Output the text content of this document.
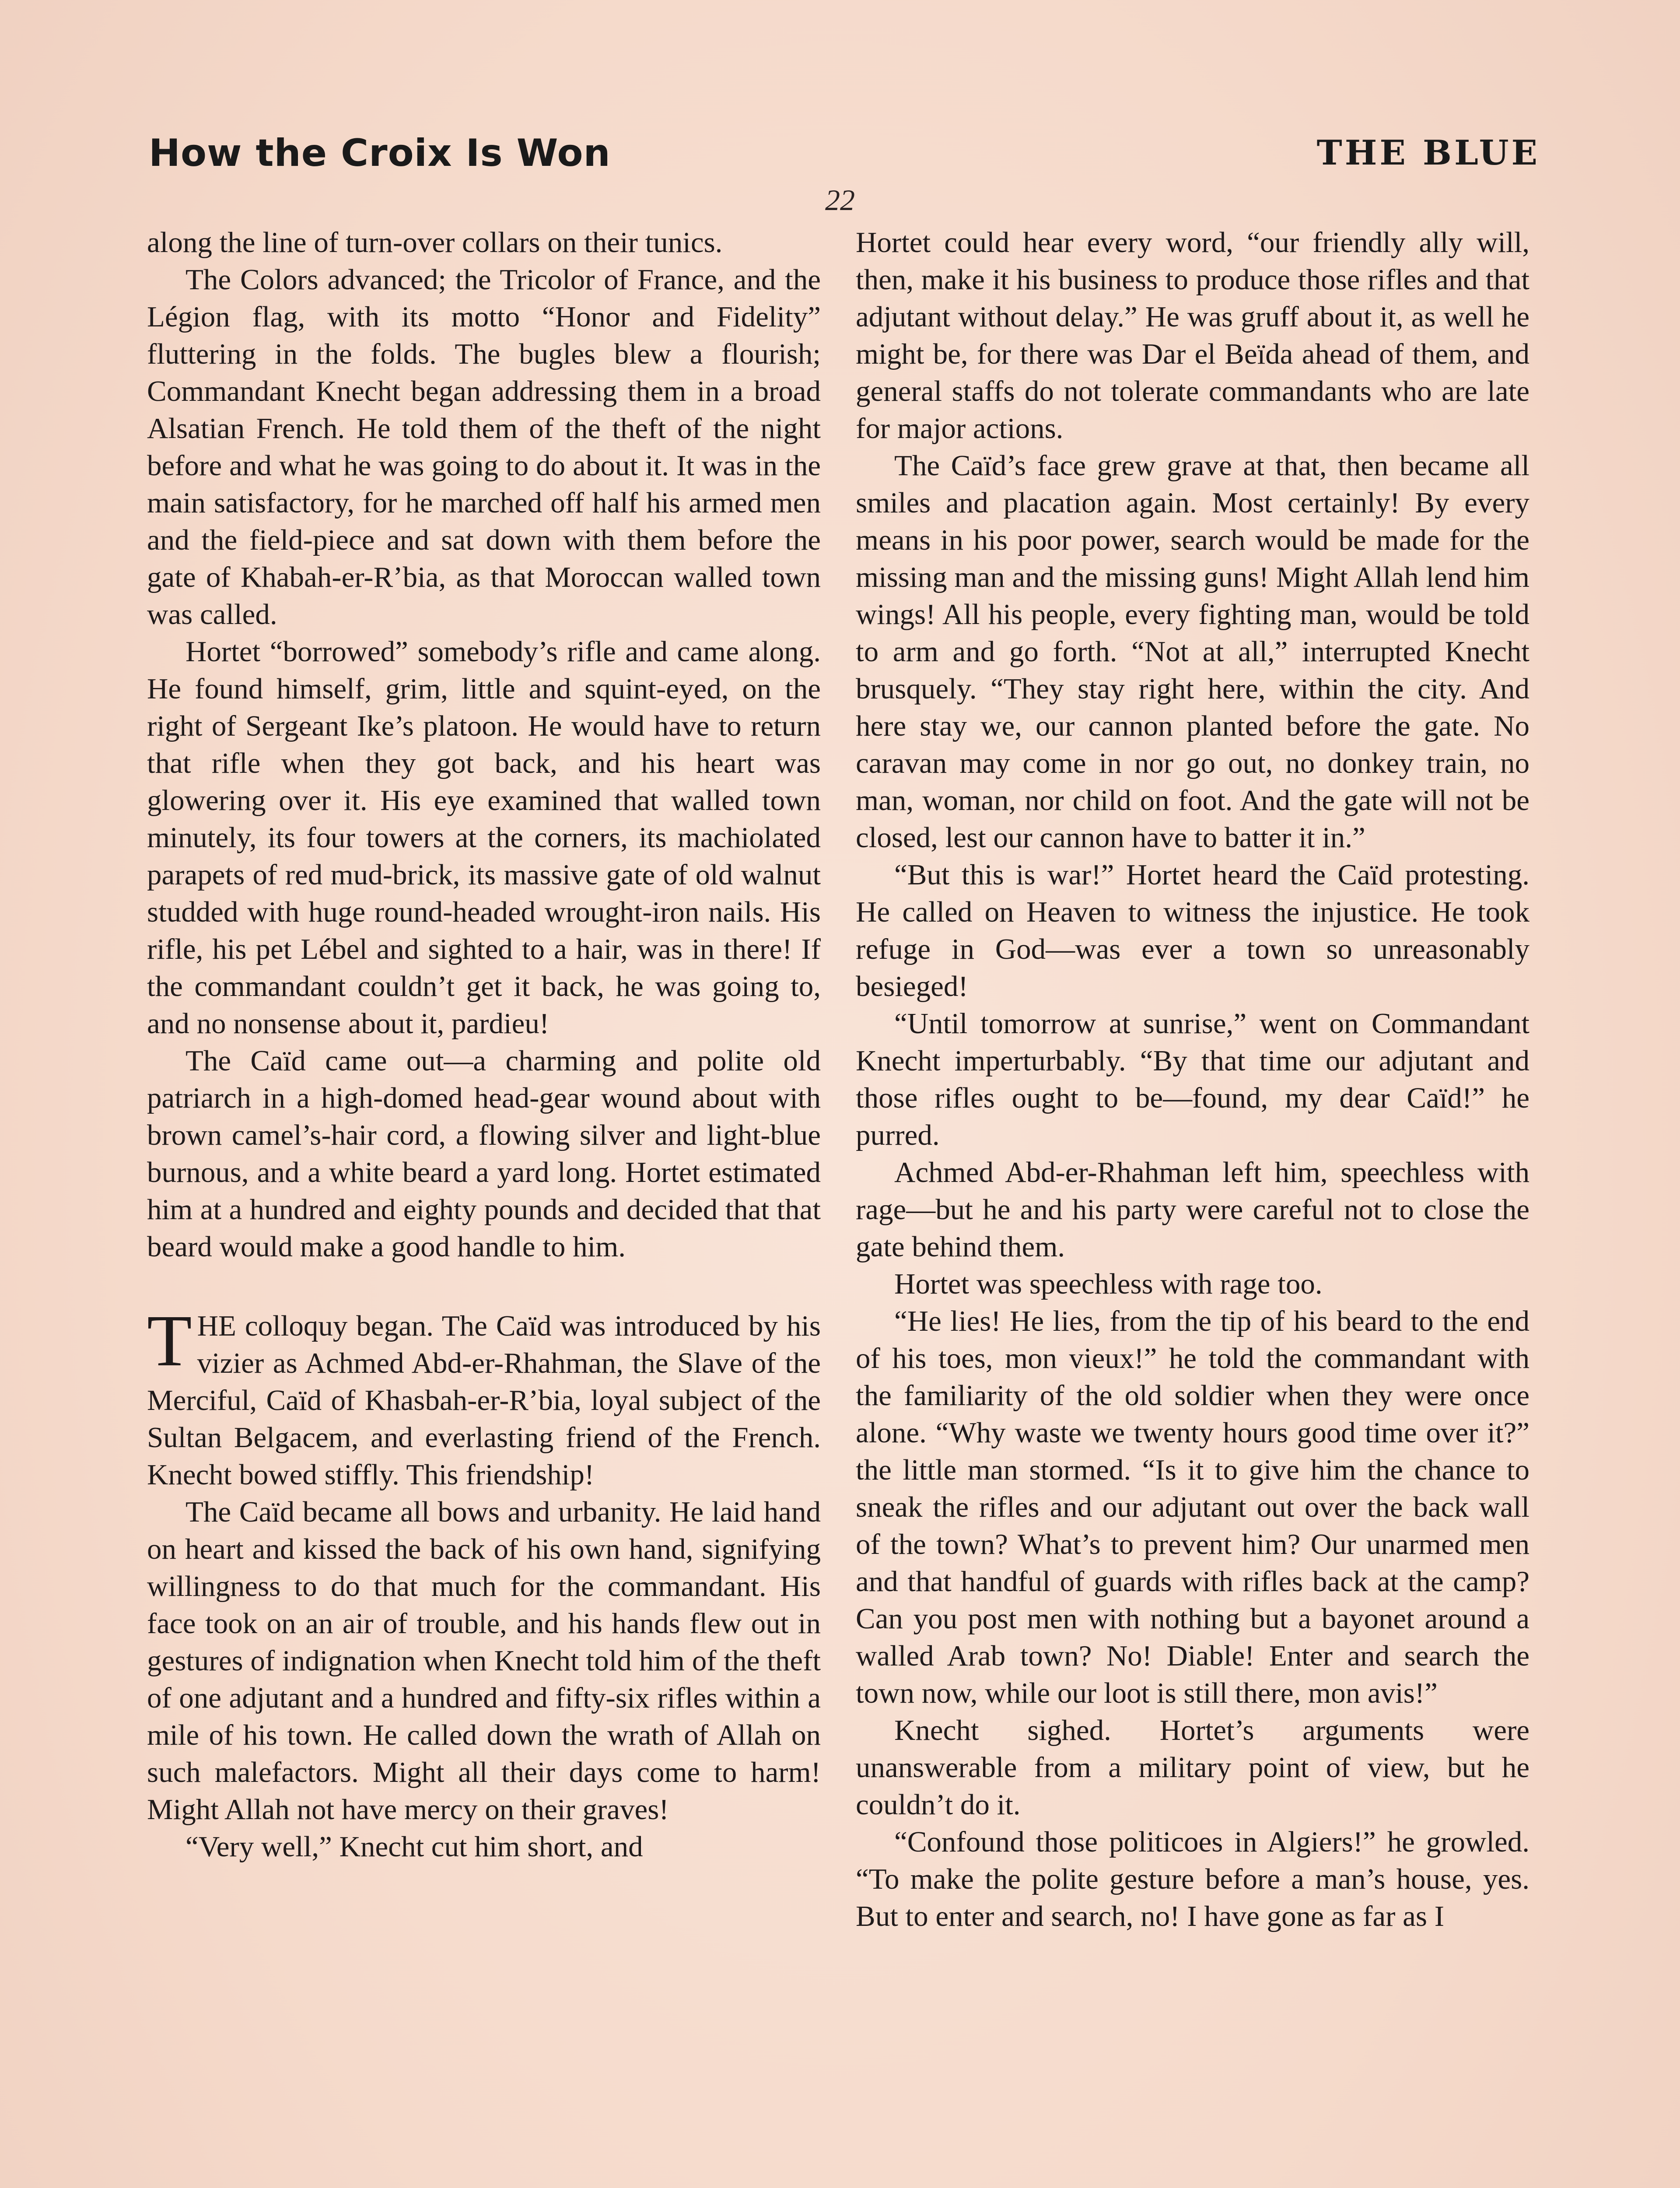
How the Croix Is Won	THE BLUE
22

along the line of turn-over collars on their tunics.

The Colors advanced; the Tricolor of France, and the Légion flag, with its motto “Honor and Fidelity” fluttering in the folds. The bugles blew a flourish; Commandant Knecht began addressing them in a broad Alsatian French. He told them of the theft of the night before and what he was going to do about it. It was in the main satisfactory, for he marched off half his armed men and the field-piece and sat down with them before the gate of Khabah-er-R’bia, as that Moroccan walled town was called.

Hortet “borrowed” somebody’s rifle and came along. He found himself, grim, little and squint-eyed, on the right of Sergeant Ike’s platoon. He would have to return that rifle when they got back, and his heart was glowering over it. His eye examined that walled town minutely, its four towers at the corners, its machiolated parapets of red mud-brick, its massive gate of old walnut studded with huge round-headed wrought-iron nails. His rifle, his pet Lébel and sighted to a hair, was in there! If the commandant couldn’t get it back, he was going to, and no nonsense about it, pardieu!

The Caïd came out—a charming and polite old patriarch in a high-domed head-gear wound about with brown camel’s-hair cord, a flowing silver and light-blue burnous, and a white beard a yard long. Hortet estimated him at a hundred and eighty pounds and decided that that beard would make a good handle to him.

THE colloquy began. The Caïd was introduced by his vizier as Achmed Abd-er-Rhahman, the Slave of the Merciful, Caïd of Khasbah-er-R’bia, loyal subject of the Sultan Belgacem, and everlasting friend of the French. Knecht bowed stiffly. This friendship!

The Caïd became all bows and urbanity. He laid hand on heart and kissed the back of his own hand, signifying willingness to do that much for the commandant. His face took on an air of trouble, and his hands flew out in gestures of indignation when Knecht told him of the theft of one adjutant and a hundred and fifty-six rifles within a mile of his town. He called down the wrath of Allah on such malefactors. Might all their days come to harm! Might Allah not have mercy on their graves!

“Very well,” Knecht cut him short, and

Hortet could hear every word, “our friendly ally will, then, make it his business to produce those rifles and that adjutant without delay.” He was gruff about it, as well he might be, for there was Dar el Beïda ahead of them, and general staffs do not tolerate commandants who are late for major actions.

The Caïd’s face grew grave at that, then became all smiles and placation again. Most certainly! By every means in his poor power, search would be made for the missing man and the missing guns! Might Allah lend him wings! All his people, every fighting man, would be told to arm and go forth. “Not at all,” interrupted Knecht brusquely. “They stay right here, within the city. And here stay we, our cannon planted before the gate. No caravan may come in nor go out, no donkey train, no man, woman, nor child on foot. And the gate will not be closed, lest our cannon have to batter it in.”

“But this is war!” Hortet heard the Caïd protesting. He called on Heaven to witness the injustice. He took refuge in God—was ever a town so unreasonably besieged!

“Until tomorrow at sunrise,” went on Commandant Knecht imperturbably. “By that time our adjutant and those rifles ought to be—found, my dear Caïd!” he purred.

Achmed Abd-er-Rhahman left him, speechless with rage—but he and his party were careful not to close the gate behind them.

Hortet was speechless with rage too.

“He lies! He lies, from the tip of his beard to the end of his toes, mon vieux!” he told the commandant with the familiarity of the old soldier when they were once alone. “Why waste we twenty hours good time over it?” the little man stormed. “Is it to give him the chance to sneak the rifles and our adjutant out over the back wall of the town? What’s to prevent him? Our unarmed men and that handful of guards with rifles back at the camp? Can you post men with nothing but a bayonet around a walled Arab town? No! Diable! Enter and search the town now, while our loot is still there, mon avis!”

Knecht sighed. Hortet’s arguments were unanswerable from a military point of view, but he couldn’t do it.

“Confound those politicoes in Algiers!” he growled. “To make the polite gesture before a man’s house, yes. But to enter and search, no! I have gone as far as I
